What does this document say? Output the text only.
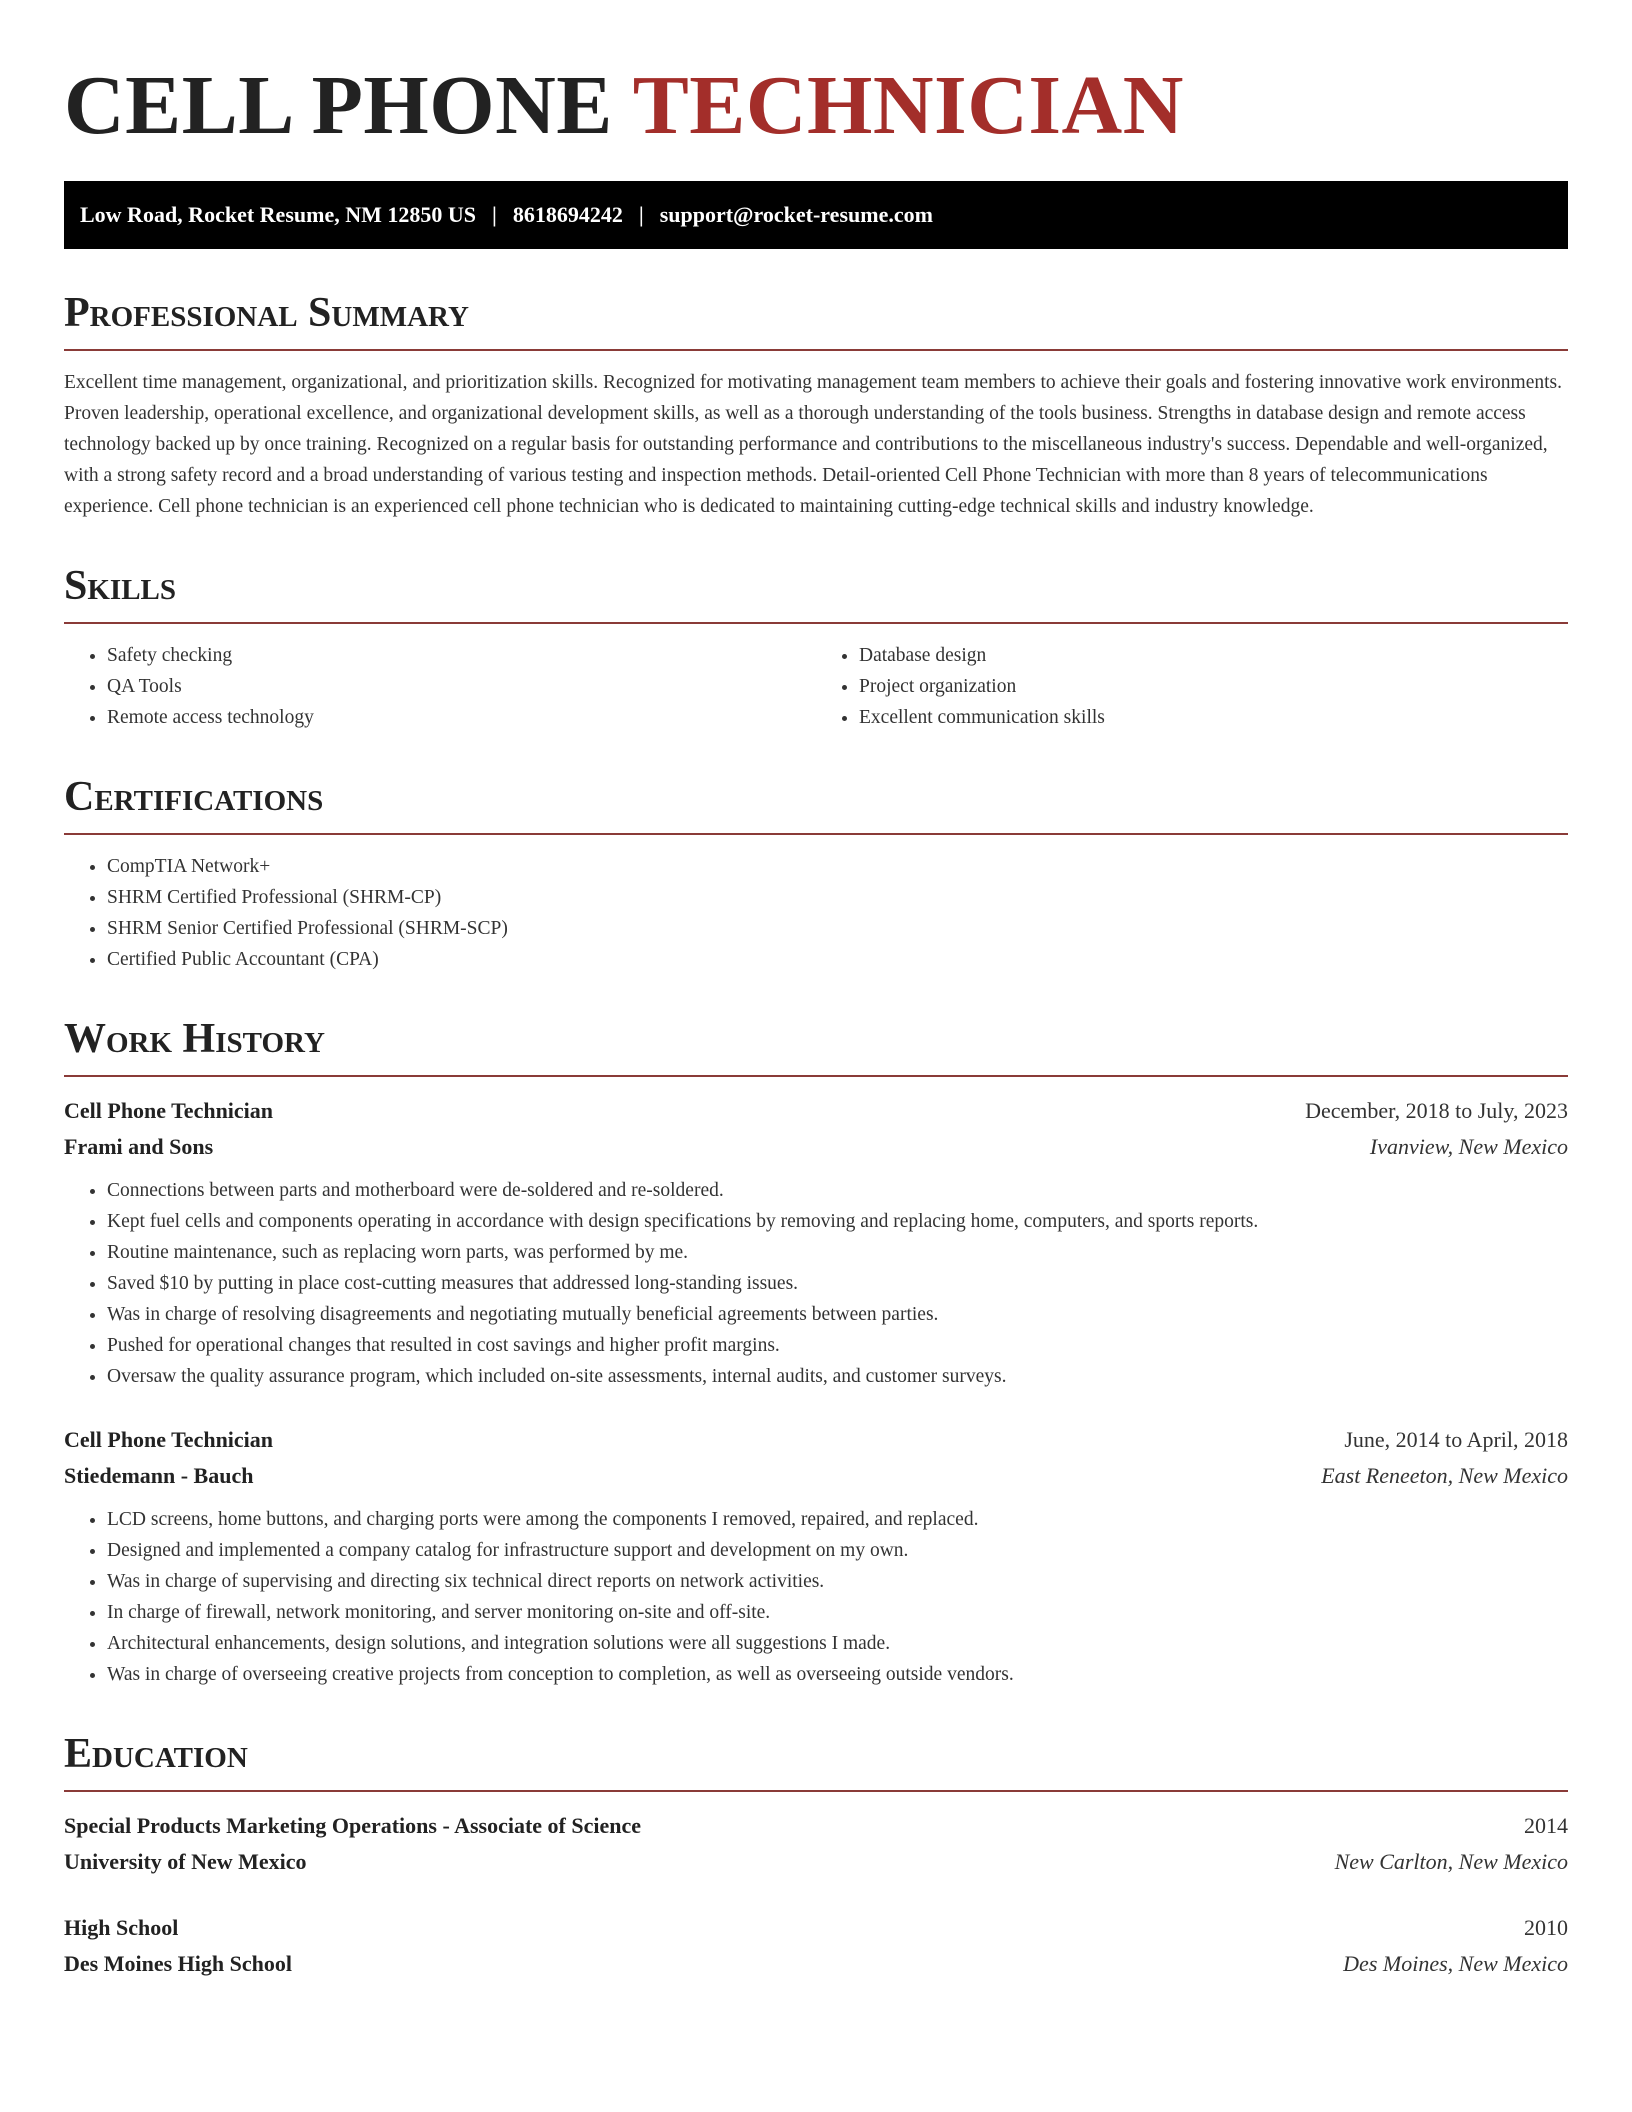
CELL PHONE TECHNICIAN
Low Road, Rocket Resume, NM 12850 US | 8618694242 | support@rocket-resume.com
Professional Summary

Excellent time management, organizational, and prioritization skills. Recognized for motivating management team members to achieve their goals and fostering innovative work environments. Proven leadership, operational excellence, and organizational development skills, as well as a thorough understanding of the tools business. Strengths in database design and remote access technology backed up by once training. Recognized on a regular basis for outstanding performance and contributions to the miscellaneous industry's success. Dependable and well-organized, with a strong safety record and a broad understanding of various testing and inspection methods. Detail-oriented Cell Phone Technician with more than 8 years of telecommunications experience. Cell phone technician is an experienced cell phone technician who is dedicated to maintaining cutting-edge technical skills and industry knowledge.

Skills
• Safety checking
• QA Tools
• Remote access technology
• Database design
• Project organization
• Excellent communication skills
Certifications
• CompTIA Network+
• SHRM Certified Professional (SHRM-CP)
• SHRM Senior Certified Professional (SHRM-SCP)
• Certified Public Accountant (CPA)
Work History
Cell Phone Technician	December, 2018 to July, 2023
Frami and Sons	Ivanview, New Mexico
• Connections between parts and motherboard were de-soldered and re-soldered.
• Kept fuel cells and components operating in accordance with design specifications by removing and replacing home, computers, and sports reports.
• Routine maintenance, such as replacing worn parts, was performed by me.
• Saved $10 by putting in place cost-cutting measures that addressed long-standing issues.
• Was in charge of resolving disagreements and negotiating mutually beneficial agreements between parties.
• Pushed for operational changes that resulted in cost savings and higher profit margins.
• Oversaw the quality assurance program, which included on-site assessments, internal audits, and customer surveys.
Cell Phone Technician	June, 2014 to April, 2018
Stiedemann - Bauch	East Reneeton, New Mexico
• LCD screens, home buttons, and charging ports were among the components I removed, repaired, and replaced.
• Designed and implemented a company catalog for infrastructure support and development on my own.
• Was in charge of supervising and directing six technical direct reports on network activities.
• In charge of firewall, network monitoring, and server monitoring on-site and off-site.
• Architectural enhancements, design solutions, and integration solutions were all suggestions I made.
• Was in charge of overseeing creative projects from conception to completion, as well as overseeing outside vendors.
Education
Special Products Marketing Operations - Associate of Science	2014
University of New Mexico	New Carlton, New Mexico
High School	2010
Des Moines High School	Des Moines, New Mexico
